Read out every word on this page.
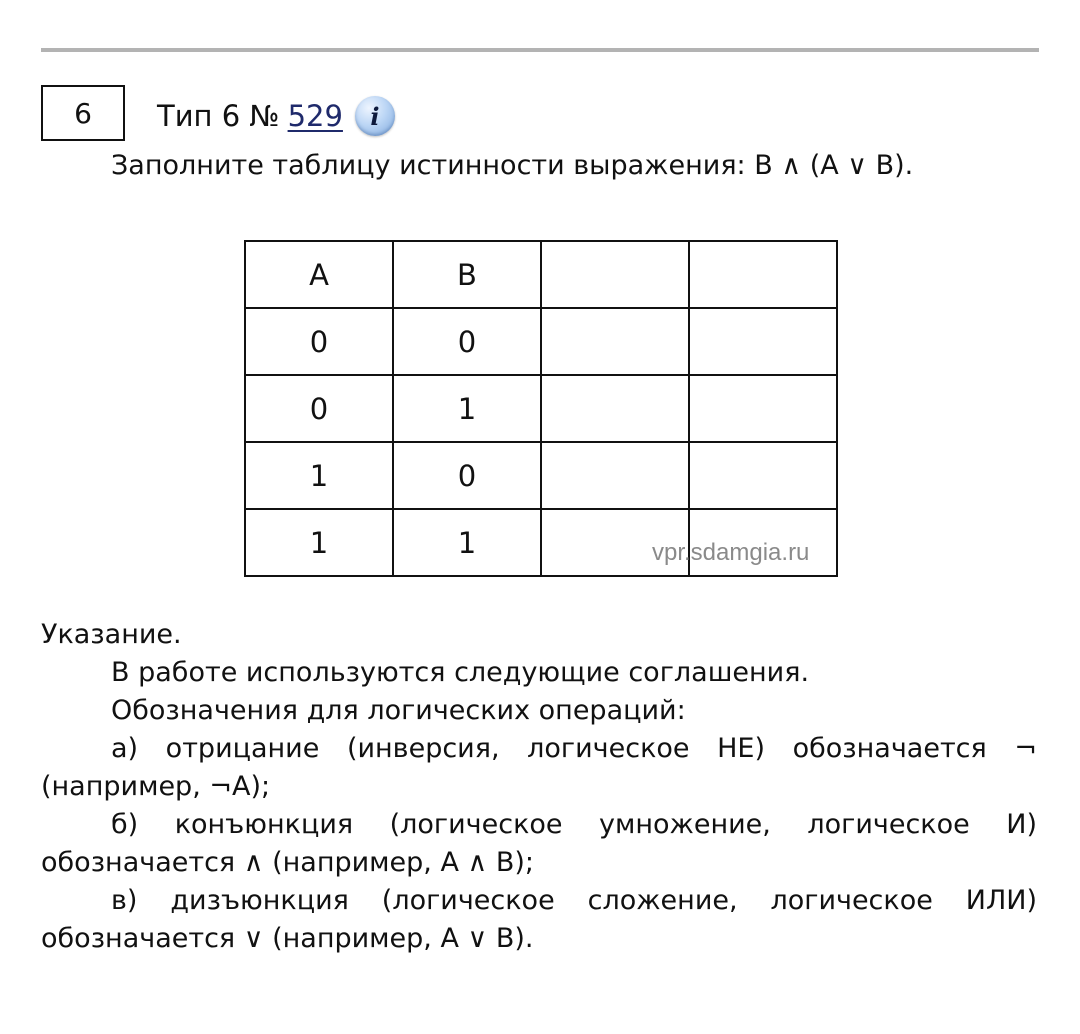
6 Тип 6 № 529	i
Заполните таблицу истинности выражения: B ∧ (A ∨ B).
A	B		
0	0		
0	1		
1	0		
1	1			vpr.sdamgia.ru

Указание.

В работе используются следующие соглашения.

Обозначения для логических операций:

а) отрицание (инверсия, логическое НЕ) обозначается ¬ (например, ¬А);

б) конъюнкция (логическое умножение, логическое И) обозначается ∧ (например, А ∧ В);

в) дизъюнкция (логическое сложение, логическое ИЛИ) обозначается ∨ (например, А ∨ В).
